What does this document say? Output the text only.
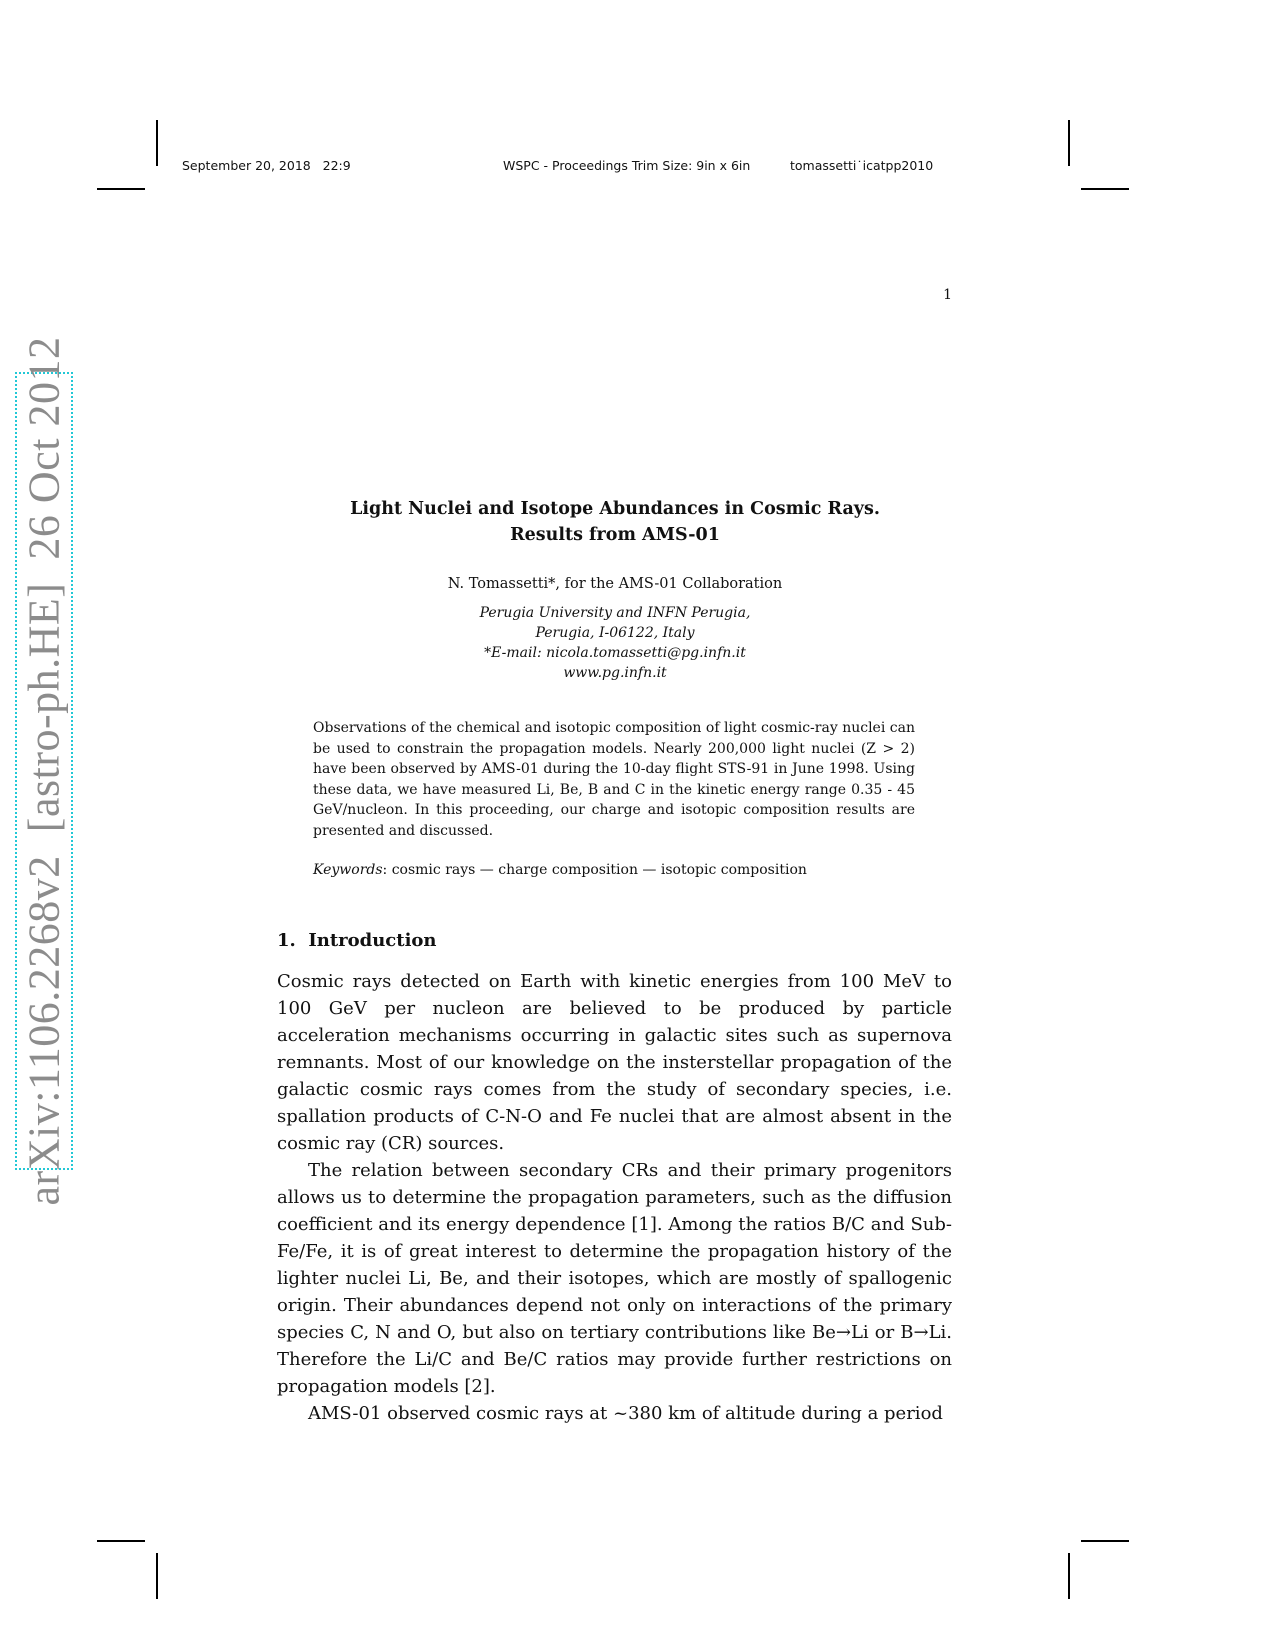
September 20, 2018   22:9	WSPC - Proceedings Trim Size: 9in x 6in	tomassetti˙icatpp2010
1
arXiv:1106.2268v2  [astro-ph.HE]  26 Oct 2012	Light Nuclei and Isotope Abundances in Cosmic Rays.
Results from AMS-01
N. Tomassetti*, for the AMS-01 Collaboration
Perugia University and INFN Perugia,
Perugia, I-06122, Italy
*E-mail: nicola.tomassetti@pg.infn.it
www.pg.infn.it
Observations of the chemical and isotopic composition of light cosmic-ray nuclei can be used to constrain the propagation models. Nearly 200,000 light nuclei (Z > 2) have been observed by AMS-01 during the 10-day flight STS-91 in June 1998. Using these data, we have measured Li, Be, B and C in the kinetic energy range 0.35 - 45 GeV/nucleon. In this proceeding, our charge and isotopic composition results are presented and discussed.
Keywords: cosmic rays — charge composition — isotopic composition
1.  Introduction

Cosmic rays detected on Earth with kinetic energies from 100 MeV to 100 GeV per nucleon are believed to be produced by particle acceleration mechanisms occurring in galactic sites such as supernova remnants. Most of our knowledge on the insterstellar propagation of the galactic cosmic rays comes from the study of secondary species, i.e. spallation products of C-N-O and Fe nuclei that are almost absent in the cosmic ray (CR) sources.

The relation between secondary CRs and their primary progenitors allows us to determine the propagation parameters, such as the diffusion coefficient and its energy dependence [1]. Among the ratios B/C and Sub-Fe/Fe, it is of great interest to determine the propagation history of the lighter nuclei Li, Be, and their isotopes, which are mostly of spallogenic origin. Their abundances depend not only on interactions of the primary species C, N and O, but also on tertiary contributions like Be→Li or B→Li. Therefore the Li/C and Be/C ratios may provide further restrictions on propagation models [2].

AMS-01 observed cosmic rays at ~380 km of altitude during a period
